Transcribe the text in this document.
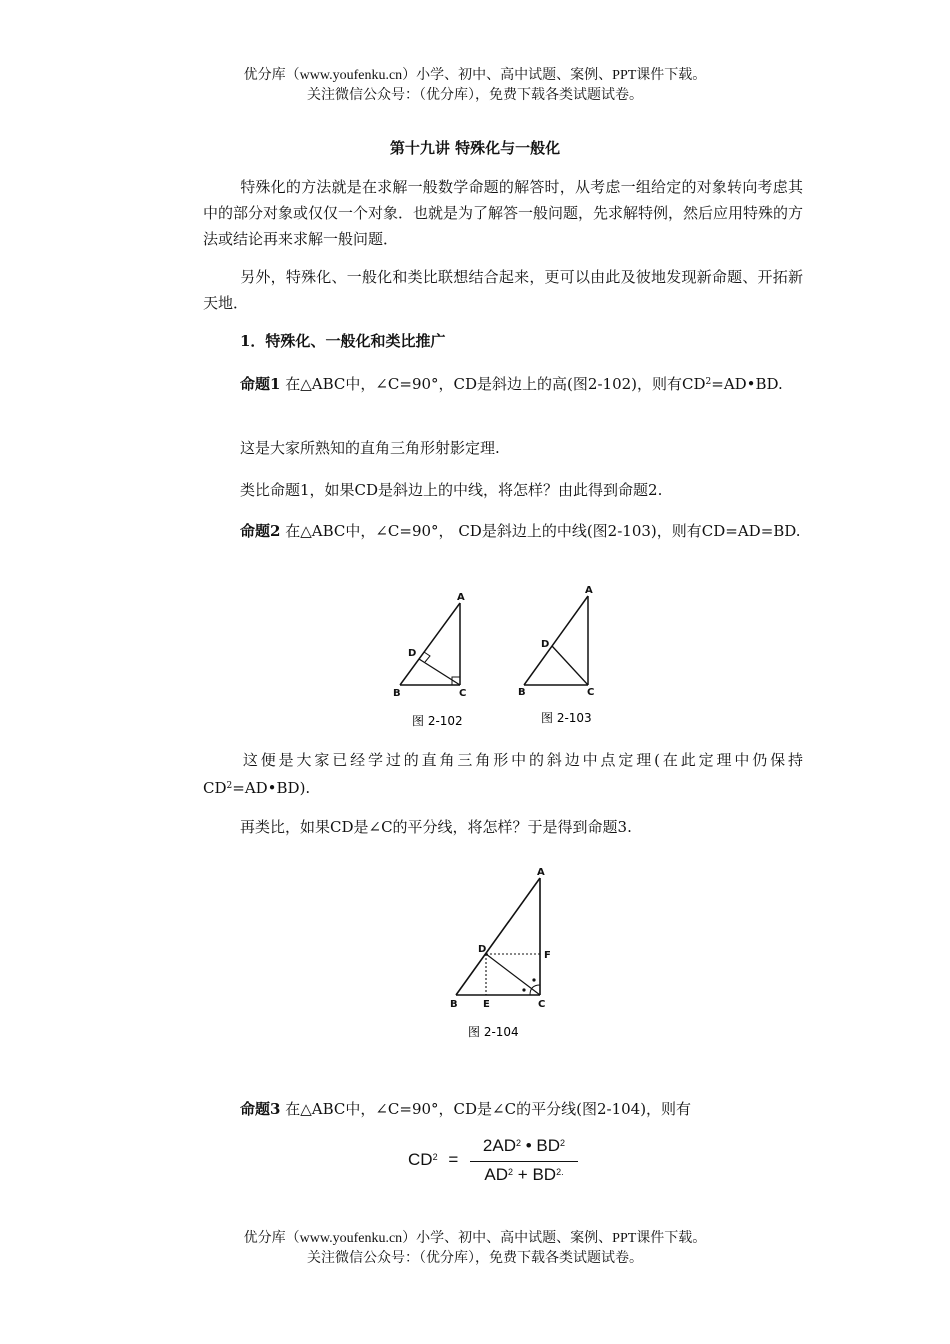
优分库（www.youfenku.cn）小学、初中、高中试题、案例、PPT课件下载。
关注微信公众号：（优分库），免费下载各类试题试卷。
第十九讲 特殊化与一般化
特殊化的方法就是在求解一般数学命题的解答时，从考虑一组给定的对象转向考虑其中的部分对象或仅仅一个对象．也就是为了解答一般问题，先求解特例，然后应用特殊的方法或结论再来求解一般问题．
另外，特殊化、一般化和类比联想结合起来，更可以由此及彼地发现新命题、开拓新天地．
1．特殊化、一般化和类比推广
命题1 在△ABC中，∠C=90°，CD是斜边上的高(图2-102)，则有$CD^2=AD•BD$.
这是大家所熟知的直角三角形射影定理.
类比命题1，如果CD是斜边上的中线，将怎样？由此得到命题2.
命题2 在△ABC中，∠C=90°， CD是斜边上的中线(图2-103)，则有CD=AD=BD.
A
D
B	C
图 2-102
A
D
B	C
图 2-103
这便是大家已经学过的直角三角形中的斜边中点定理(在此定理中仍保持$CD^2=AD•BD$).
再类比，如果CD是∠C的平分线，将怎样？于是得到命题3.
A
D
F
B	E	C
图 2-104
命题3 在△ABC中，∠C=90°，CD是∠C的平分线(图2-104)，则有
$CD^2$ =
$2AD^2$ • $BD^2$
$AD^2 + BD^{2.}$
优分库（www.youfenku.cn）小学、初中、高中试题、案例、PPT课件下载。
关注微信公众号：（优分库），免费下载各类试题试卷。
